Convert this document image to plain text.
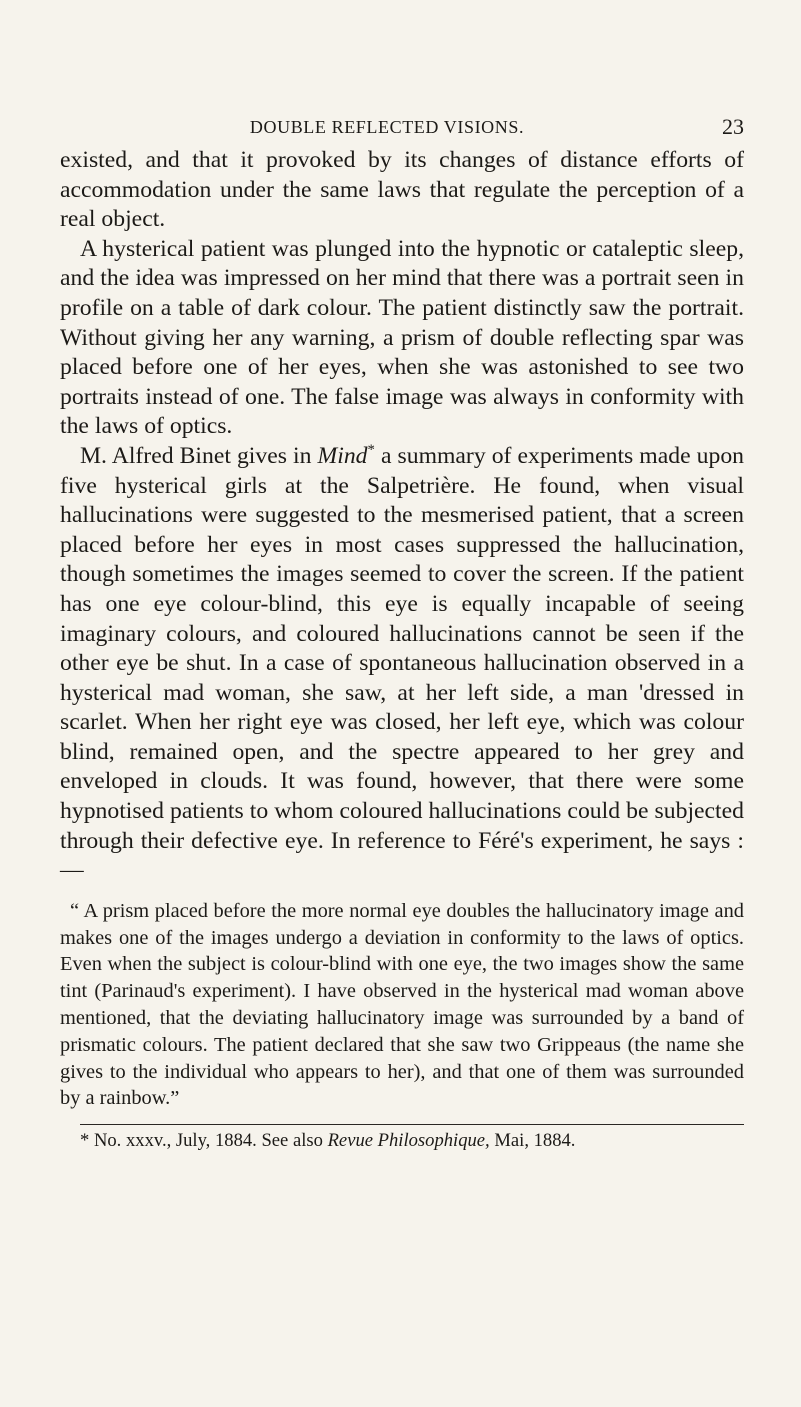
DOUBLE REFLECTED VISIONS.	23

existed, and that it provoked by its changes of distance efforts of accommodation under the same laws that regulate the perception of a real object.

A hysterical patient was plunged into the hypnotic or cataleptic sleep, and the idea was impressed on her mind that there was a portrait seen in profile on a table of dark colour. The patient distinctly saw the portrait. Without giving her any warning, a prism of double reflecting spar was placed before one of her eyes, when she was astonished to see two portraits instead of one. The false image was always in conformity with the laws of optics.

M. Alfred Binet gives in Mind* a summary of experiments made upon five hysterical girls at the Salpetrière. He found, when visual hallucinations were suggested to the mesmerised patient, that a screen placed before her eyes in most cases suppressed the hallucination, though sometimes the images seemed to cover the screen. If the patient has one eye colour-blind, this eye is equally incapable of seeing imaginary colours, and coloured hallucinations cannot be seen if the other eye be shut. In a case of spontaneous hallucination observed in a hysterical mad woman, she saw, at her left side, a man 'dressed in scarlet. When her right eye was closed, her left eye, which was colour blind, remained open, and the spectre appeared to her grey and enveloped in clouds. It was found, however, that there were some hypnotised patients to whom coloured hallucinations could be subjected through their defective eye. In reference to Féré's experiment, he says :—

“ A prism placed before the more normal eye doubles the hallucinatory image and makes one of the images undergo a deviation in conformity to the laws of optics. Even when the subject is colour-blind with one eye, the two images show the same tint (Parinaud's experiment). I have observed in the hysterical mad woman above mentioned, that the deviating hallucinatory image was surrounded by a band of prismatic colours. The patient declared that she saw two Grippeaus (the name she gives to the individual who appears to her), and that one of them was surrounded by a rainbow.”

* No. xxxv., July, 1884. See also Revue Philosophique, Mai, 1884.
